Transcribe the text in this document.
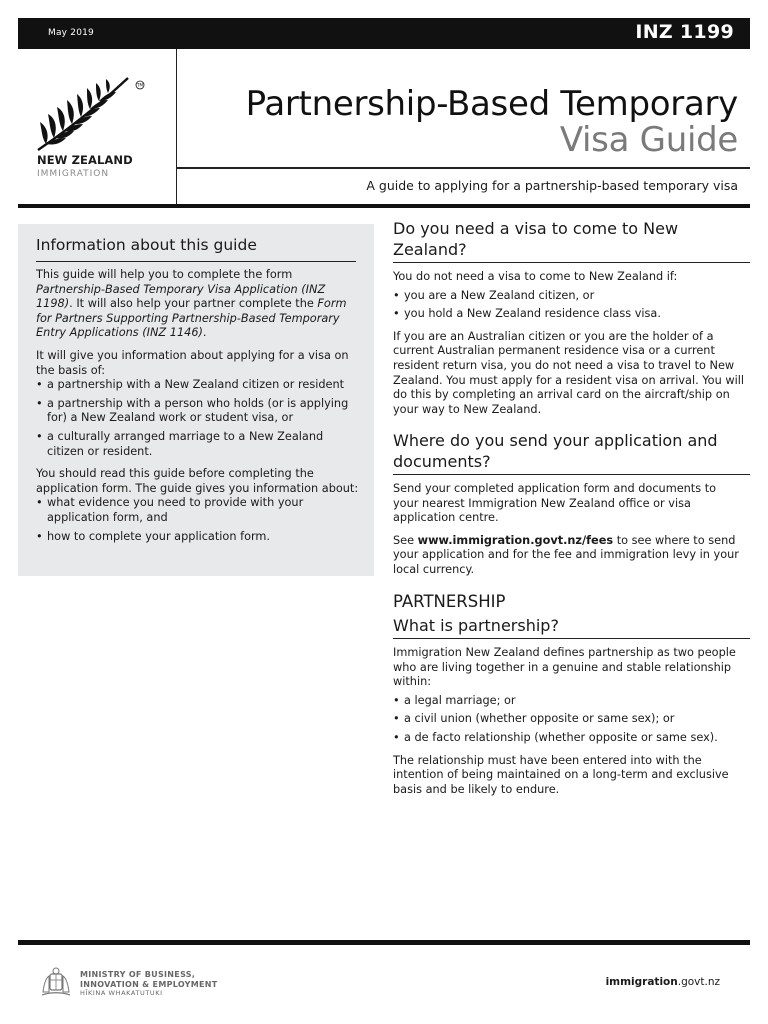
May 2019	INZ 1199
TM
NEW ZEALAND
IMMIGRATION
Partnership-Based Temporary
Visa Guide
A guide to applying for a partnership-based temporary visa
Information about this guide

This guide will help you to complete the form Partnership-Based Temporary Visa Application (INZ 1198). It will also help your partner complete the Form for Partners Supporting Partnership-Based Temporary Entry Applications (INZ 1146).

It will give you information about applying for a visa on the basis of:

• a partnership with a New Zealand citizen or resident

• a partnership with a person who holds (or is applying for) a New Zealand work or student visa, or

• a culturally arranged marriage to a New Zealand citizen or resident.

You should read this guide before completing the application form. The guide gives you information about:

• what evidence you need to provide with your application form, and

• how to complete your application form.

Do you need a visa to come to New Zealand?

You do not need a visa to come to New Zealand if:

• you are a New Zealand citizen, or

• you hold a New Zealand residence class visa.

If you are an Australian citizen or you are the holder of a current Australian permanent residence visa or a current resident return visa, you do not need a visa to travel to New Zealand. You must apply for a resident visa on arrival. You will do this by completing an arrival card on the aircraft/ship on your way to New Zealand.

Where do you send your application and documents?

Send your completed application form and documents to your nearest Immigration New Zealand office or visa application centre.

See www.immigration.govt.nz/fees to see where to send your application and for the fee and immigration levy in your local currency.

PARTNERSHIP

What is partnership?

Immigration New Zealand defines partnership as two people who are living together in a genuine and stable relationship within:

• a legal marriage; or

• a civil union (whether opposite or same sex); or

• a de facto relationship (whether opposite or same sex).

The relationship must have been entered into with the intention of being maintained on a long-term and exclusive basis and be likely to endure.

MINISTRY OF BUSINESS,
INNOVATION & EMPLOYMENT
HĪKINA WHAKATUTUKI
immigration.govt.nz
